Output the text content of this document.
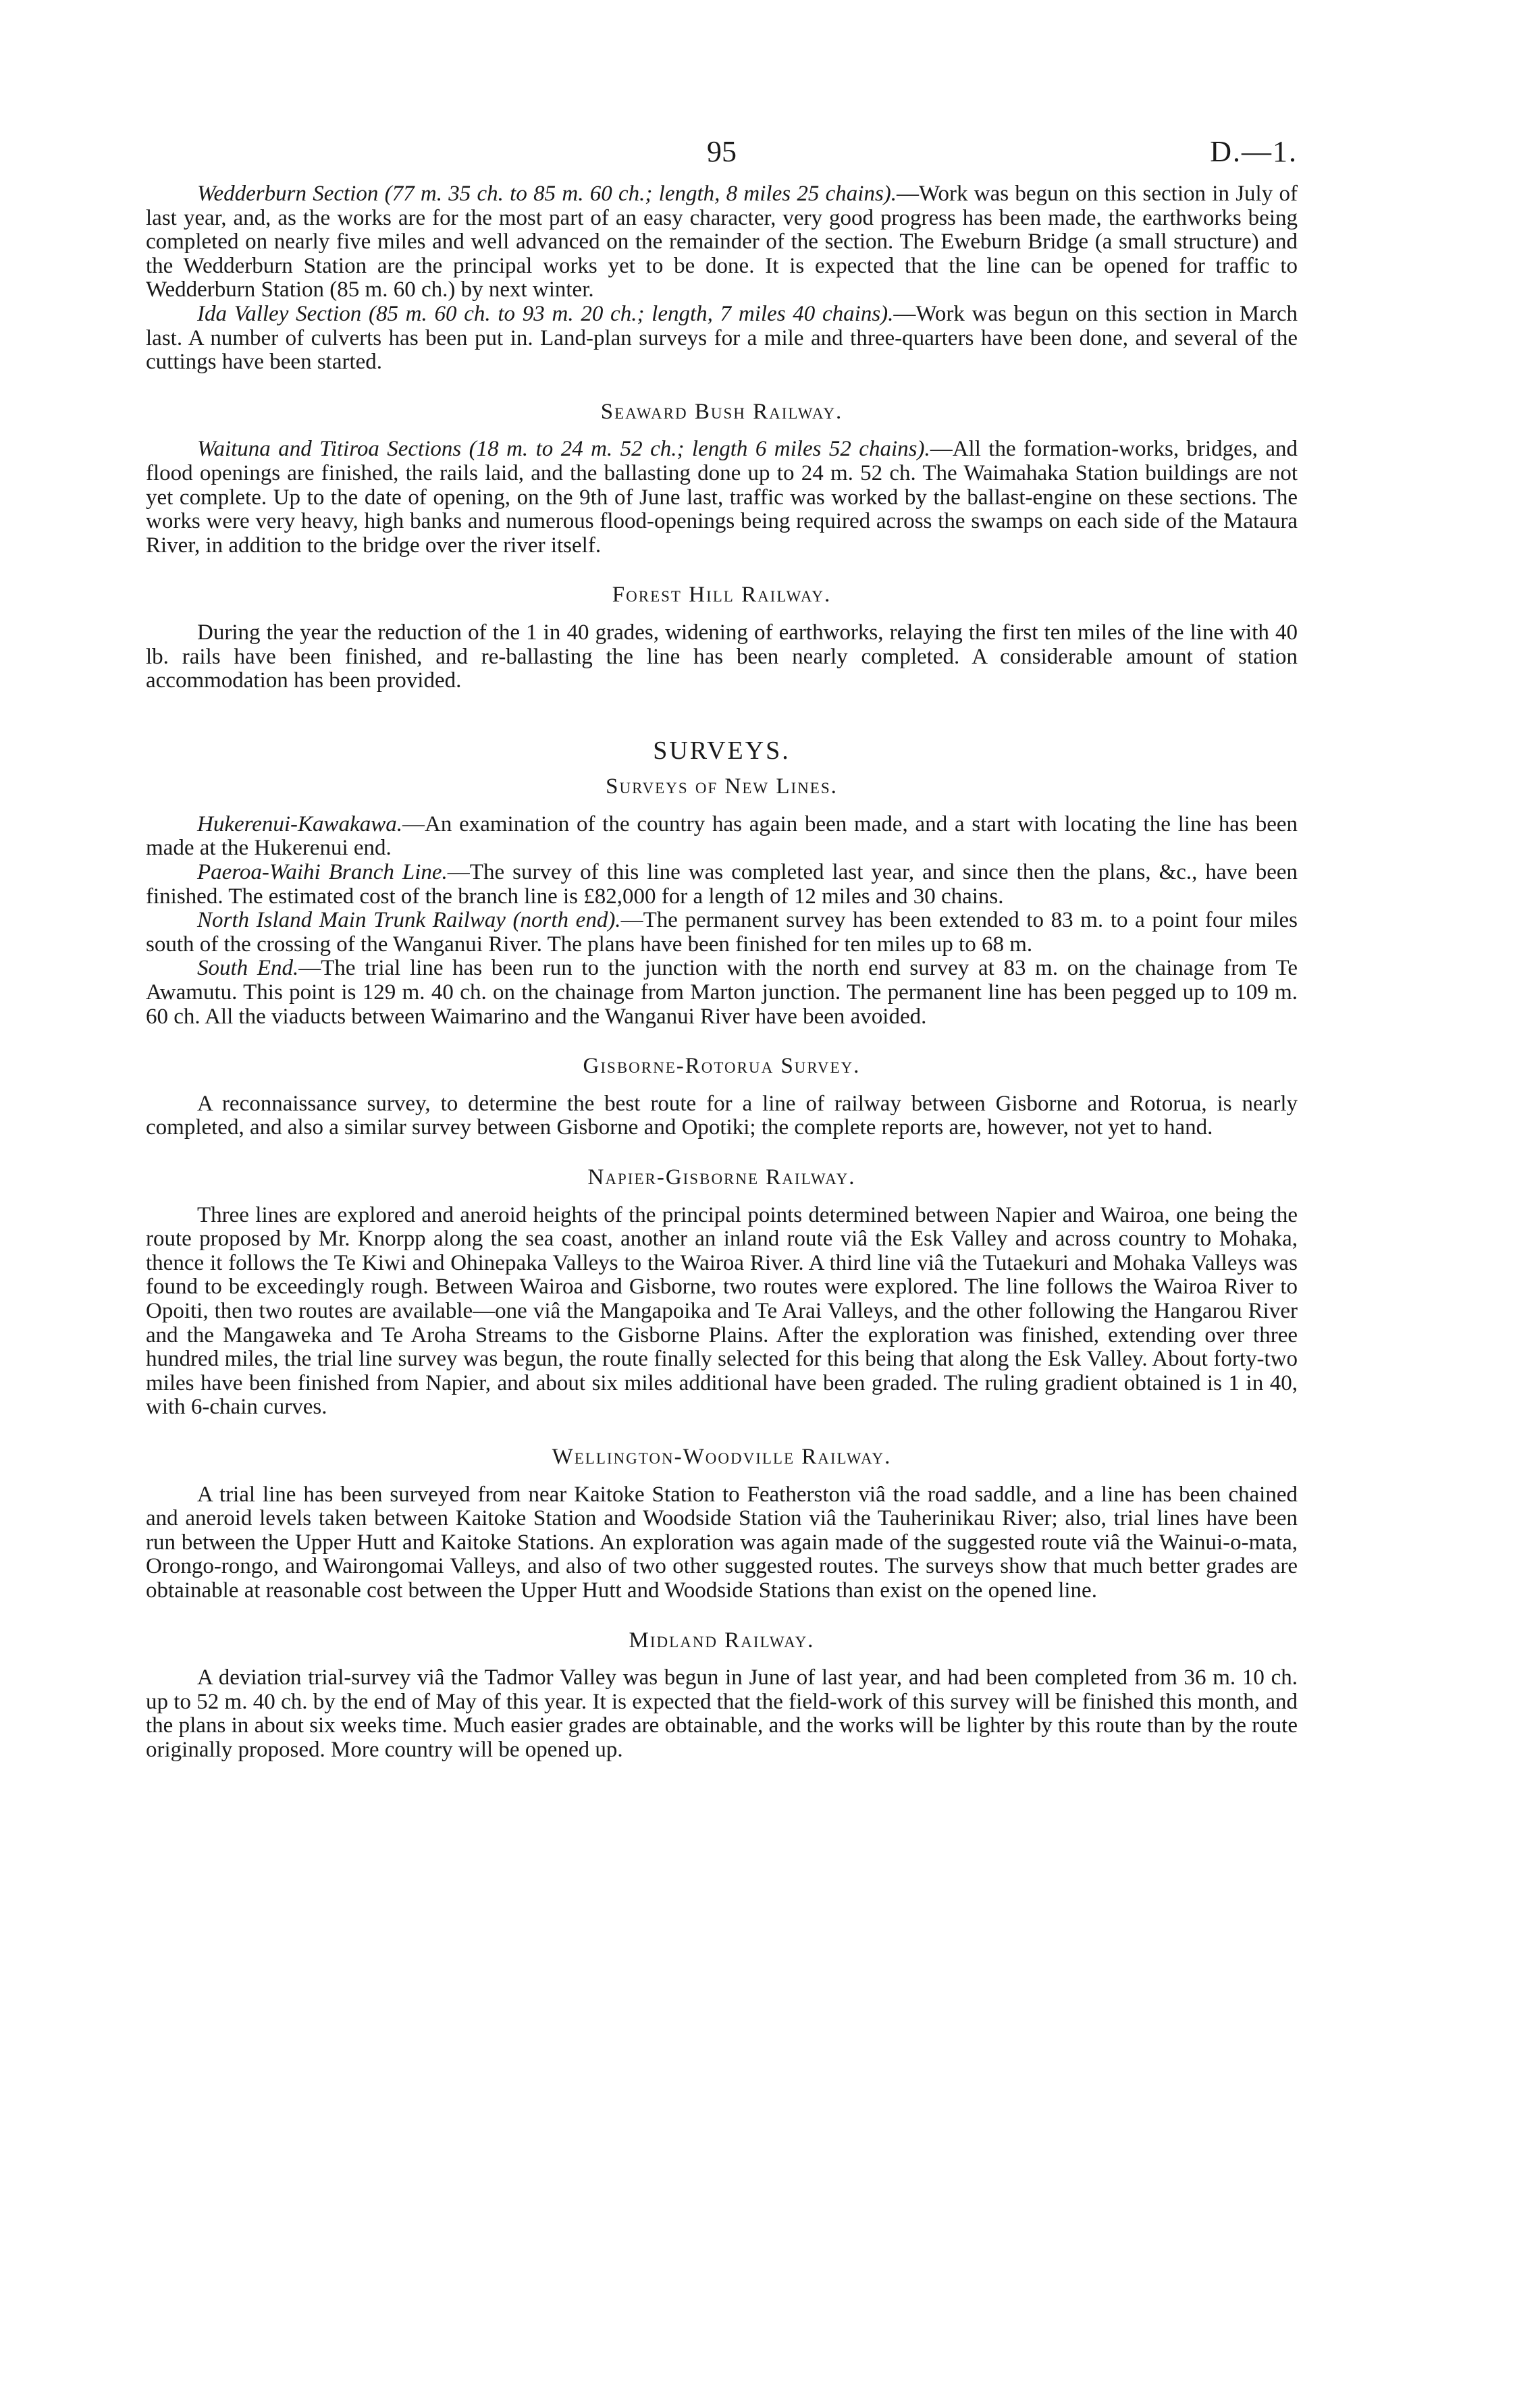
95	D.—1.

Wedderburn Section (77 m. 35 ch. to 85 m. 60 ch.; length, 8 miles 25 chains).—Work was begun on this section in July of last year, and, as the works are for the most part of an easy character, very good progress has been made, the earthworks being completed on nearly five miles and well advanced on the remainder of the section. The Eweburn Bridge (a small structure) and the Wedderburn Station are the principal works yet to be done. It is expected that the line can be opened for traffic to Wedderburn Station (85 m. 60 ch.) by next winter.

Ida Valley Section (85 m. 60 ch. to 93 m. 20 ch.; length, 7 miles 40 chains).—Work was begun on this section in March last. A number of culverts has been put in. Land-plan surveys for a mile and three-quarters have been done, and several of the cuttings have been started.

Seaward Bush Railway.

Waituna and Titiroa Sections (18 m. to 24 m. 52 ch.; length 6 miles 52 chains).—All the formation-works, bridges, and flood openings are finished, the rails laid, and the ballasting done up to 24 m. 52 ch. The Waimahaka Station buildings are not yet complete. Up to the date of opening, on the 9th of June last, traffic was worked by the ballast-engine on these sections. The works were very heavy, high banks and numerous flood-openings being required across the swamps on each side of the Mataura River, in addition to the bridge over the river itself.

Forest Hill Railway.

During the year the reduction of the 1 in 40 grades, widening of earthworks, relaying the first ten miles of the line with 40 lb. rails have been finished, and re-ballasting the line has been nearly completed. A considerable amount of station accommodation has been provided.

SURVEYS.
Surveys of New Lines.

Hukerenui-Kawakawa.—An examination of the country has again been made, and a start with locating the line has been made at the Hukerenui end.

Paeroa-Waihi Branch Line.—The survey of this line was completed last year, and since then the plans, &c., have been finished. The estimated cost of the branch line is £82,000 for a length of 12 miles and 30 chains.

North Island Main Trunk Railway (north end).—The permanent survey has been extended to 83 m. to a point four miles south of the crossing of the Wanganui River. The plans have been finished for ten miles up to 68 m.

South End.—The trial line has been run to the junction with the north end survey at 83 m. on the chainage from Te Awamutu. This point is 129 m. 40 ch. on the chainage from Marton junction. The permanent line has been pegged up to 109 m. 60 ch. All the viaducts between Waimarino and the Wanganui River have been avoided.

Gisborne-Rotorua Survey.

A reconnaissance survey, to determine the best route for a line of railway between Gisborne and Rotorua, is nearly completed, and also a similar survey between Gisborne and Opotiki; the complete reports are, however, not yet to hand.

Napier-Gisborne Railway.

Three lines are explored and aneroid heights of the principal points determined between Napier and Wairoa, one being the route proposed by Mr. Knorpp along the sea coast, another an inland route viâ the Esk Valley and across country to Mohaka, thence it follows the Te Kiwi and Ohinepaka Valleys to the Wairoa River. A third line viâ the Tutaekuri and Mohaka Valleys was found to be exceedingly rough. Between Wairoa and Gisborne, two routes were explored. The line follows the Wairoa River to Opoiti, then two routes are available—one viâ the Mangapoika and Te Arai Valleys, and the other following the Hangarou River and the Mangaweka and Te Aroha Streams to the Gisborne Plains. After the exploration was finished, extending over three hundred miles, the trial line survey was begun, the route finally selected for this being that along the Esk Valley. About forty-two miles have been finished from Napier, and about six miles additional have been graded. The ruling gradient obtained is 1 in 40, with 6-chain curves.

Wellington-Woodville Railway.

A trial line has been surveyed from near Kaitoke Station to Featherston viâ the road saddle, and a line has been chained and aneroid levels taken between Kaitoke Station and Woodside Station viâ the Tauherinikau River; also, trial lines have been run between the Upper Hutt and Kaitoke Stations. An exploration was again made of the suggested route viâ the Wainui-o-mata, Orongo-rongo, and Wairongomai Valleys, and also of two other suggested routes. The surveys show that much better grades are obtainable at reasonable cost between the Upper Hutt and Woodside Stations than exist on the opened line.

Midland Railway.

A deviation trial-survey viâ the Tadmor Valley was begun in June of last year, and had been completed from 36 m. 10 ch. up to 52 m. 40 ch. by the end of May of this year. It is expected that the field-work of this survey will be finished this month, and the plans in about six weeks time. Much easier grades are obtainable, and the works will be lighter by this route than by the route originally proposed. More country will be opened up.
